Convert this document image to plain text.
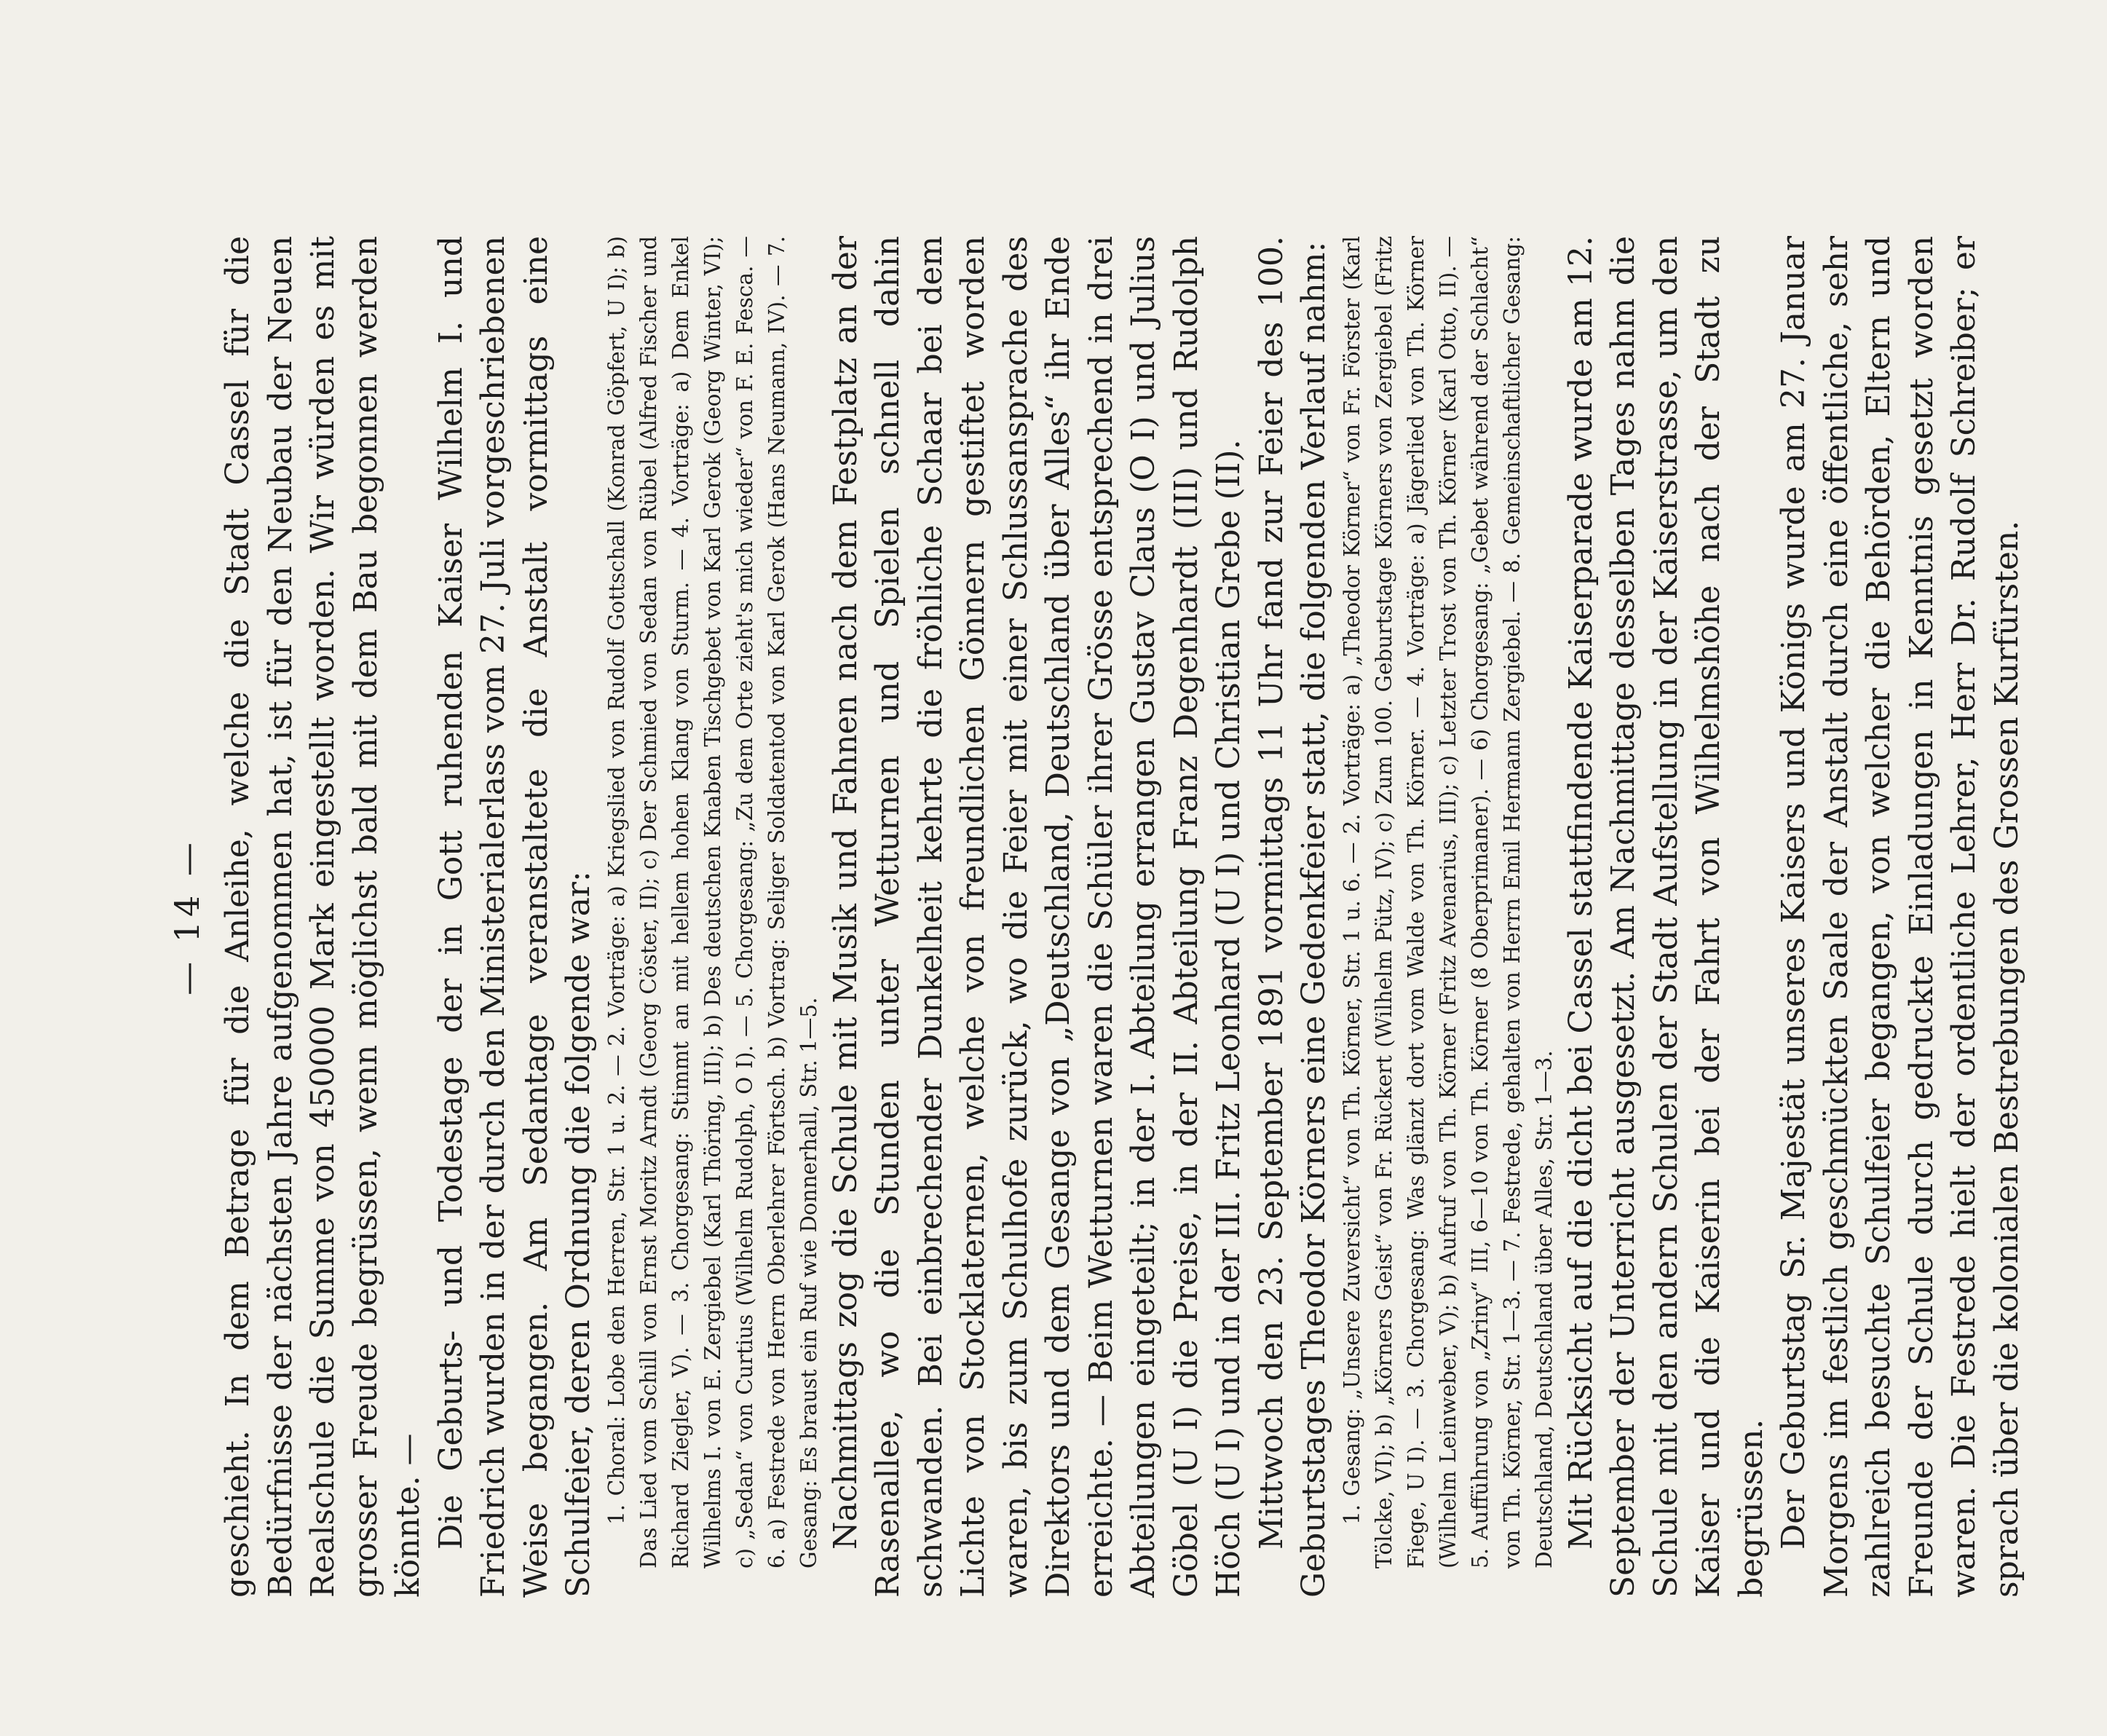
— 14 — geschieht. In dem Betrage für die Anleihe, welche die Stadt Cassel für die Bedürfnisse der nächsten Jahre aufgenommen hat, ist für den Neubau der Neuen Realschule die Summe von 450000 Mark eingestellt worden. Wir würden es mit grosser Freude begrüssen, wenn möglichst bald mit dem Bau begonnen werden könnte. — Die Geburts- und Todestage der in Gott ruhenden Kaiser Wilhelm I. und Friedrich wurden in der durch den Ministerialerlass vom 27. Juli vorgeschriebenen Weise begangen. Am Sedantage veranstaltete die Anstalt vormittags eine Schulfeier, deren Ordnung die folgende war: 1. Choral: Lobe den Herren, Str. 1 u. 2. — 2. Vorträge: a) Kriegslied von Rudolf Gottschall (Konrad Göpfert, U I); b) Das Lied vom Schill von Ernst Moritz Arndt (Georg Cöster, II); c) Der Schmied von Sedan von Rübel (Alfred Fischer und Richard Ziegler, V). — 3. Chorgesang: Stimmt an mit hellem hohen Klang von Sturm. — 4. Vorträge: a) Dem Enkel Wilhelms I. von E. Zergiebel (Karl Thöring, III); b) Des deutschen Knaben Tischgebet von Karl Gerok (Georg Winter, VI); c) „Sedan“ von Curtius (Wilhelm Rudolph, O I). — 5. Chorgesang: „Zu dem Orte zieht's mich wieder“ von F. E. Fesca. — 6. a) Festrede von Herrn Oberlehrer Förtsch. b) Vortrag: Seliger Soldatentod von Karl Gerok (Hans Neumann, IV). — 7. Gesang: Es braust ein Ruf wie Donnerhall, Str. 1—5. Nachmittags zog die Schule mit Musik und Fahnen nach dem Festplatz an der Rasenallee, wo die Stunden unter Wetturnen und Spielen schnell dahin schwanden. Bei einbrechender Dunkelheit kehrte die fröhliche Schaar bei dem Lichte von Stocklaternen, welche von freundlichen Gönnern gestiftet worden waren, bis zum Schulhofe zurück, wo die Feier mit einer Schlussansprache des Direktors und dem Gesange von „Deutschland, Deutschland über Alles“ ihr Ende erreichte. — Beim Wetturnen waren die Schüler ihrer Grösse entsprechend in drei Abteilungen eingeteilt; in der I. Abteilung errangen Gustav Claus (O I) und Julius Göbel (U I) die Preise, in der II. Abteilung Franz Degenhardt (III) und Rudolph Höch (U I) und in der III. Fritz Leonhard (U I) und Christian Grebe (II). Mittwoch den 23. September 1891 vormittags 11 Uhr fand zur Feier des 100. Geburtstages Theodor Körners eine Gedenkfeier statt, die folgenden Verlauf nahm: 1. Gesang: „Unsere Zuversicht“ von Th. Körner, Str. 1 u. 6. — 2. Vorträge: a) „Theodor Körner“ von Fr. Förster (Karl Tölcke, VI); b) „Körners Geist“ von Fr. Rückert (Wilhelm Pütz, IV); c) Zum 100. Geburtstage Körners von Zergiebel (Fritz Fiege, U I). — 3. Chorgesang: Was glänzt dort vom Walde von Th. Körner. — 4. Vorträge: a) Jägerlied von Th. Körner (Wilhelm Leinweber, V); b) Aufruf von Th. Körner (Fritz Avenarius, III); c) Letzter Trost von Th. Körner (Karl Otto, II). — 5. Aufführung von „Zriny“ III, 6—10 von Th. Körner (8 Oberprimaner). — 6) Chorgesang: „Gebet während der Schlacht“ von Th. Körner, Str. 1—3. — 7. Festrede, gehalten von Herrn Emil Hermann Zergiebel. — 8. Gemeinschaftlicher Gesang: Deutschland, Deutschland über Alles, Str. 1—3. Mit Rücksicht auf die dicht bei Cassel stattfindende Kaiserparade wurde am 12. September der Unterricht ausgesetzt. Am Nachmittage desselben Tages nahm die Schule mit den andern Schulen der Stadt Aufstellung in der Kaiserstrasse, um den Kaiser und die Kaiserin bei der Fahrt von Wilhelmshöhe nach der Stadt zu begrüssen. Der Geburtstag Sr. Majestät unseres Kaisers und Königs wurde am 27. Januar Morgens im festlich geschmückten Saale der Anstalt durch eine öffentliche, sehr zahlreich besuchte Schulfeier begangen, von welcher die Behörden, Eltern und Freunde der Schule durch gedruckte Einladungen in Kenntnis gesetzt worden waren. Die Festrede hielt der ordentliche Lehrer, Herr Dr. Rudolf Schreiber; er sprach über die kolonialen Bestrebungen des Grossen Kurfürsten.
